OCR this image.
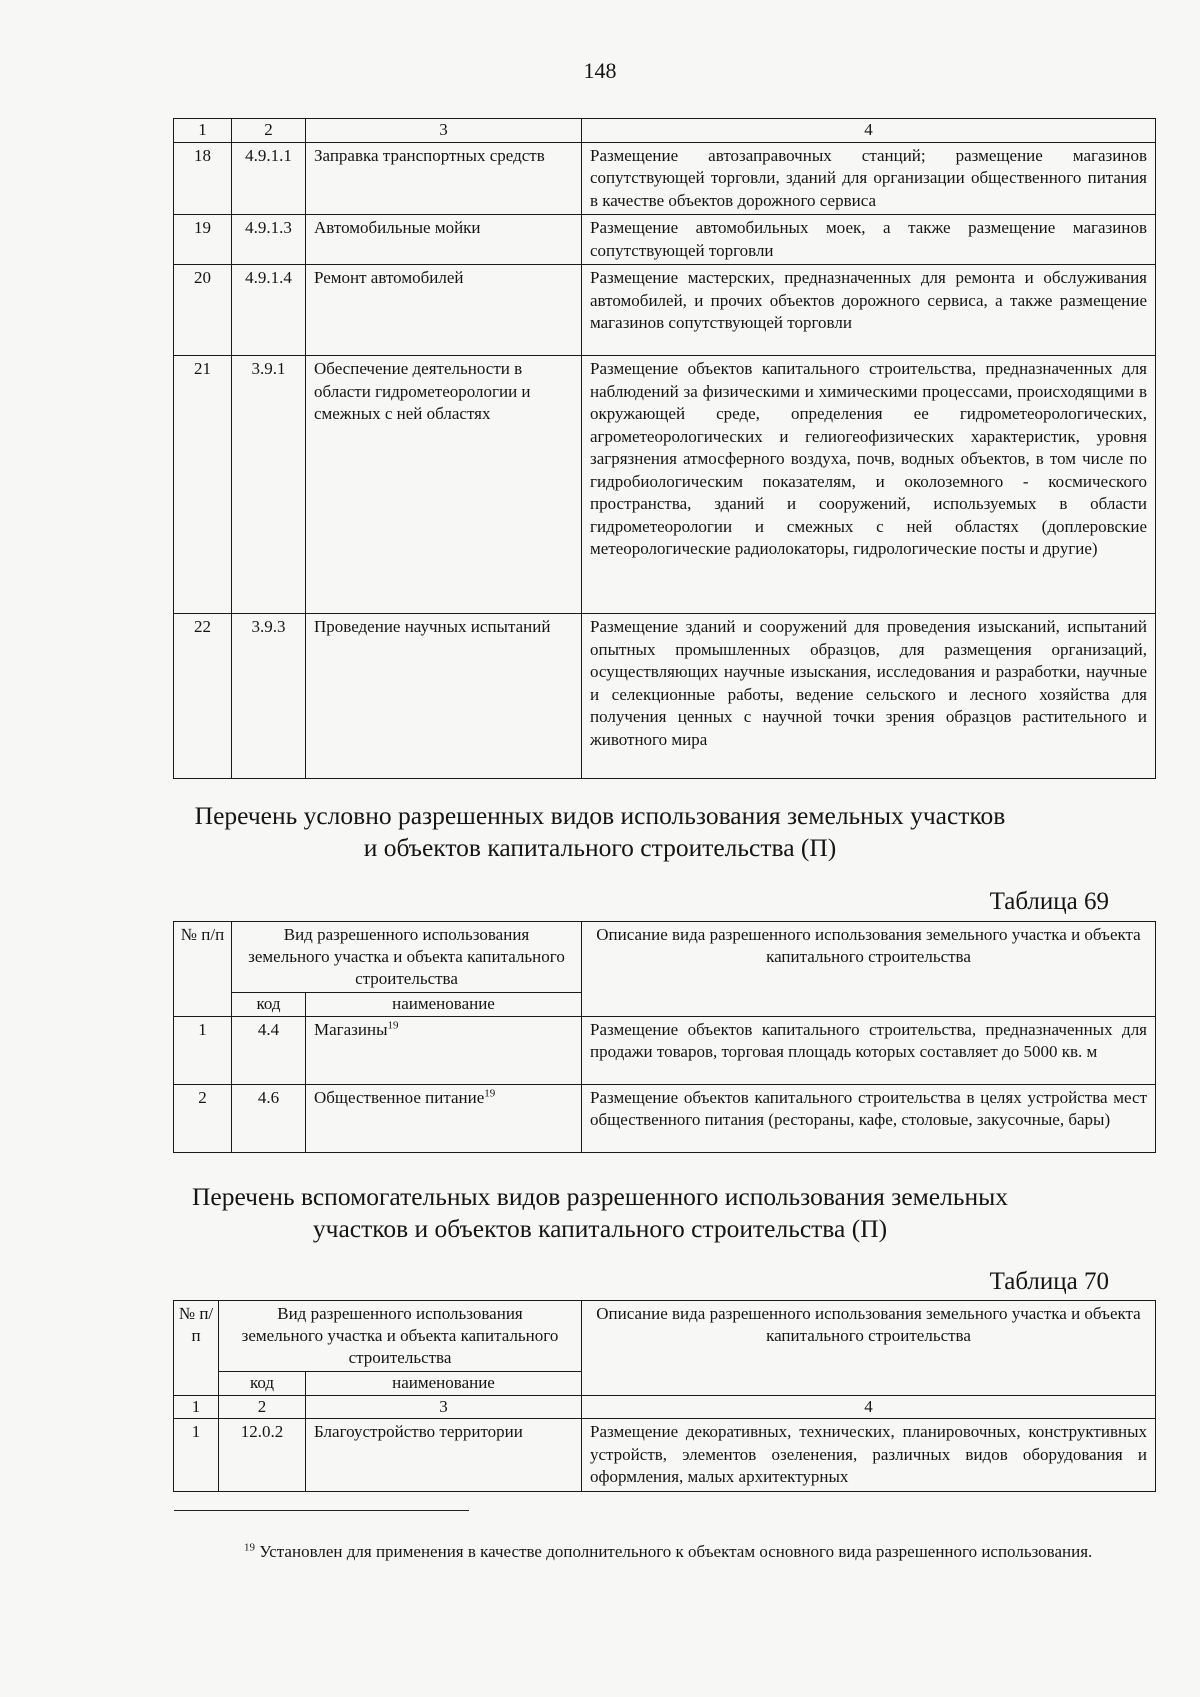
148
1	2	3	4
18	4.9.1.1	Заправка транспортных средств	Размещение автозаправочных станций; размещение магазинов сопутствующей торговли, зданий для организации общественного питания в качестве объектов дорожного сервиса
19	4.9.1.3	Автомобильные мойки	Размещение автомобильных моек, а также размещение магазинов сопутствующей торговли
20	4.9.1.4	Ремонт автомобилей	Размещение мастерских, предназначенных для ремонта и обслуживания автомобилей, и прочих объектов дорожного сервиса, а также размещение магазинов сопутствующей торговли
21	3.9.1	Обеспечение деятельности в области гидрометеорологии и смежных с ней областях	Размещение объектов капитального строительства, предназначенных для наблюдений за физическими и химическими процессами, происходящими в окружающей среде, определения ее гидрометеорологических, агрометеорологических и гелиогеофизических характеристик, уровня загрязнения атмосферного воздуха, почв, водных объектов, в том числе по гидробиологическим показателям, и околоземного - космического пространства, зданий и сооружений, используемых в области гидрометеорологии и смежных с ней областях (доплеровские метеорологические радиолокаторы, гидрологические посты и другие)
22	3.9.3	Проведение научных испытаний	Размещение зданий и сооружений для проведения изысканий, испытаний опытных промышленных образцов, для размещения организаций, осуществляющих научные изыскания, исследования и разработки, научные и селекционные работы, ведение сельского и лесного хозяйства для получения ценных с научной точки зрения образцов растительного и животного мира
Перечень условно разрешенных видов использования земельных участков
и объектов капитального строительства (П)
Таблица 69
№ п/п	Вид разрешенного использования земельного участка и объекта капитального строительства		Описание вида разрешенного использования земельного участка и объекта капитального строительства
	код	наименование	
1	4.4	Магазины$^{19}$	Размещение объектов капитального строительства, предназначенных для продажи товаров, торговая площадь которых составляет до 5000 кв. м
2	4.6	Общественное питание$^{19}$	Размещение объектов капитального строительства в целях устройства мест общественного питания (рестораны, кафе, столовые, закусочные, бары)
Перечень вспомогательных видов разрешенного использования земельных
участков и объектов капитального строительства (П)
Таблица 70
№ п/п	Вид разрешенного использования земельного участка и объекта капитального строительства		Описание вида разрешенного использования земельного участка и объекта капитального строительства
	код	наименование	
1	2	3	4
1	12.0.2	Благоустройство территории	Размещение декоративных, технических, планировочных, конструктивных устройств, элементов озеленения, различных видов оборудования и оформления, малых архитектурных
$^{19}$ Установлен для применения в качестве дополнительного к объектам основного вида разрешенного использования.
